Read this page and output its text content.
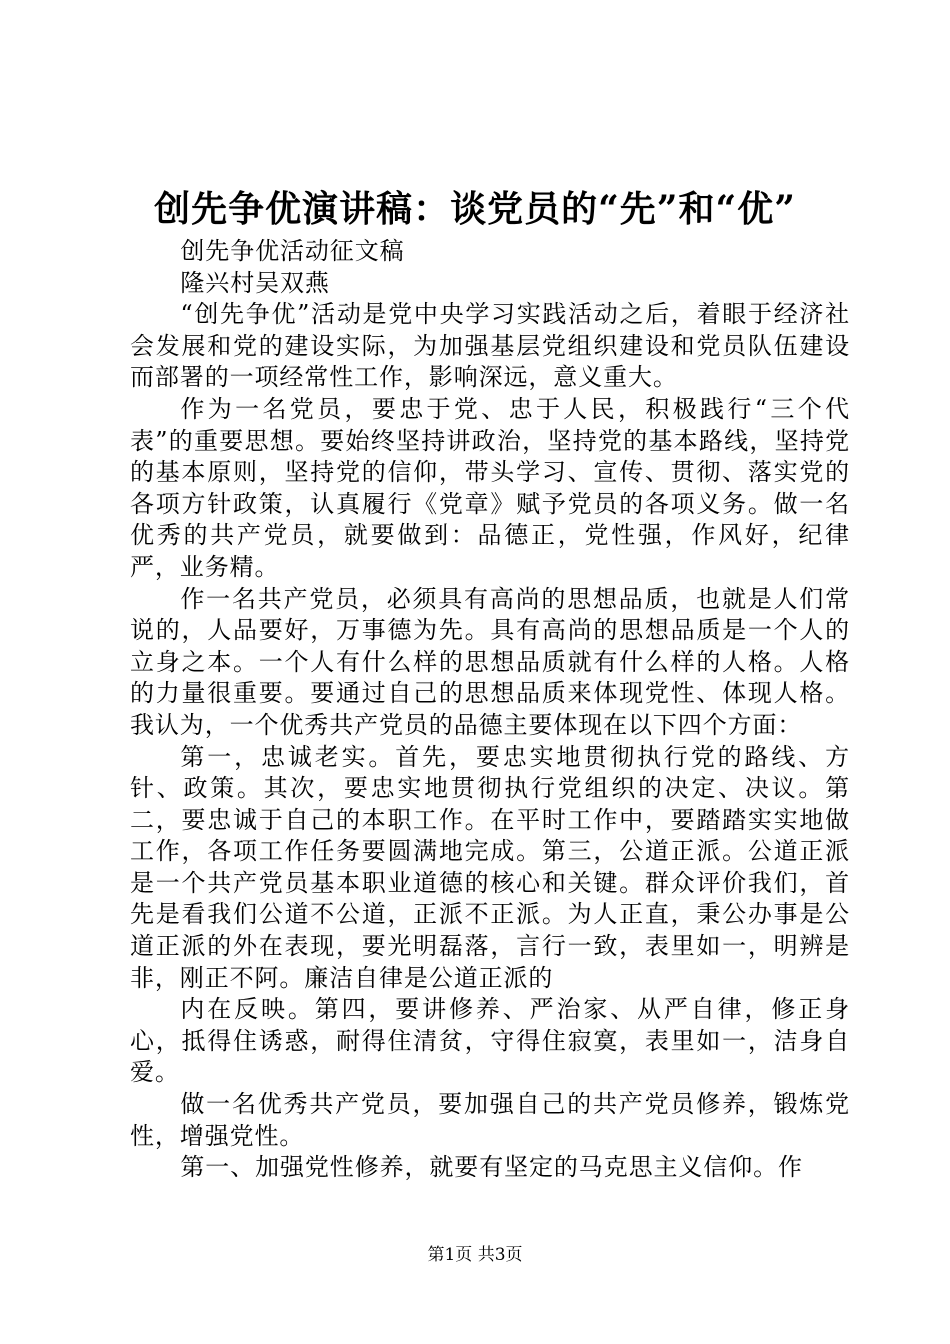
创先争优演讲稿：谈党员的“先”和“优”

创先争优活动征文稿

隆兴村吴双燕

“创先争优”活动是党中央学习实践活动之后，着眼于经济社会发展和党的建设实际，为加强基层党组织建设和党员队伍建设而部署的一项经常性工作，影响深远，意义重大。

作为一名党员，要忠于党、忠于人民，积极践行“三个代表”的重要思想。要始终坚持讲政治，坚持党的基本路线，坚持党的基本原则，坚持党的信仰，带头学习、宣传、贯彻、落实党的各项方针政策，认真履行《党章》赋予党员的各项义务。做一名优秀的共产党员，就要做到：品德正，党性强，作风好，纪律严，业务精。

作一名共产党员，必须具有高尚的思想品质，也就是人们常说的，人品要好，万事德为先。具有高尚的思想品质是一个人的立身之本。一个人有什么样的思想品质就有什么样的人格。人格的力量很重要。要通过自己的思想品质来体现党性、体现人格。我认为，一个优秀共产党员的品德主要体现在以下四个方面：

第一，忠诚老实。首先，要忠实地贯彻执行党的路线、方针、政策。其次，要忠实地贯彻执行党组织的决定、决议。第二，要忠诚于自己的本职工作。在平时工作中，要踏踏实实地做工作，各项工作任务要圆满地完成。第三，公道正派。公道正派是一个共产党员基本职业道德的核心和关键。群众评价我们，首先是看我们公道不公道，正派不正派。为人正直，秉公办事是公道正派的外在表现，要光明磊落，言行一致，表里如一，明辨是非，刚正不阿。廉洁自律是公道正派的

内在反映。第四，要讲修养、严治家、从严自律，修正身心，抵得住诱惑，耐得住清贫，守得住寂寞，表里如一，洁身自爱。

做一名优秀共产党员，要加强自己的共产党员修养，锻炼党性，增强党性。

第一、加强党性修养，就要有坚定的马克思主义信仰。作

第1页 共3页
